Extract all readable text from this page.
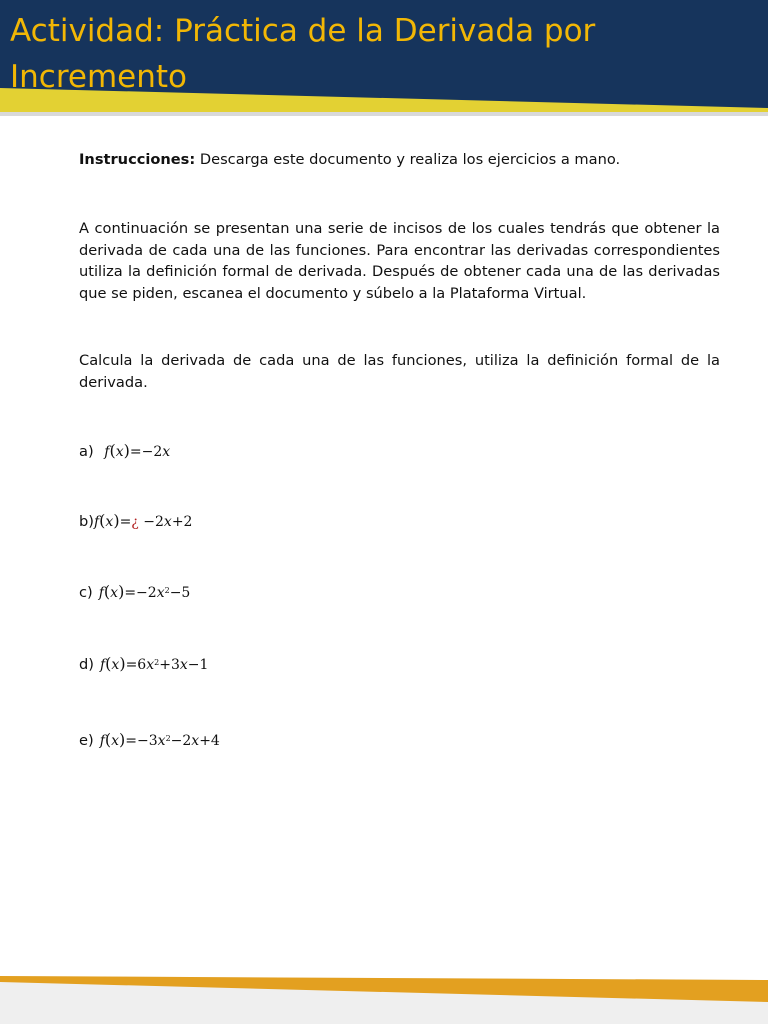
Actividad: Práctica de la Derivada por Incremento

Instrucciones: Descarga este documento y realiza los ejercicios a mano.

A continuación se presentan una serie de incisos de los cuales tendrás que obtener la derivada de cada una de las funciones. Para encontrar las derivadas correspondientes utiliza la definición formal de derivada. Después de obtener cada una de las derivadas que se piden, escanea el documento y súbelo a la Plataforma Virtual.

Calcula la derivada de cada una de las funciones, utiliza la definición formal de la derivada.

a) f(x)=−2x

b)f(x)=¿ −2x+2

c) $f(x)=-2x^2-5$

d) $f(x)=6x^2+3x-1$

e) $f(x)=-3x^2-2x+4$
